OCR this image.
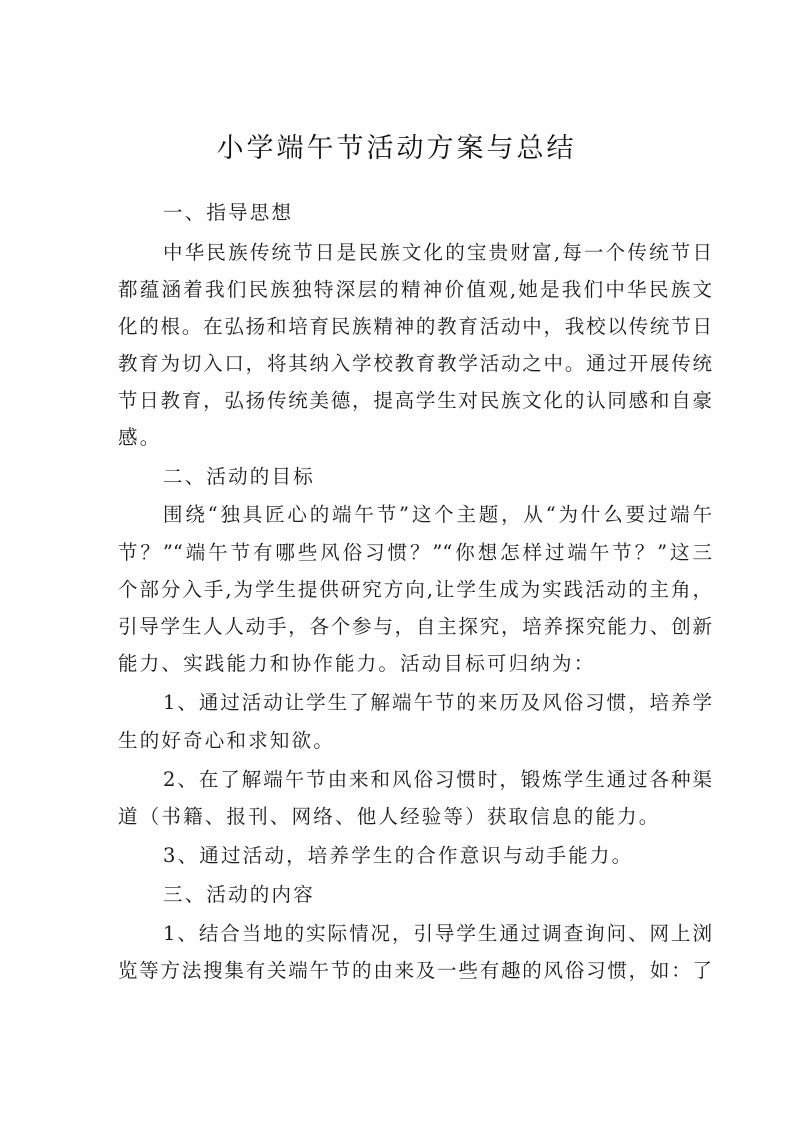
小学端午节活动方案与总结
一、指导思想
中华民族传统节日是民族文化的宝贵财富,每一个传统节日
都蕴涵着我们民族独特深层的精神价值观,她是我们中华民族文
化的根。在弘扬和培育民族精神的教育活动中，我校以传统节日
教育为切入口，将其纳入学校教育教学活动之中。通过开展传统
节日教育，弘扬传统美德，提高学生对民族文化的认同感和自豪
感。
二、活动的目标
围绕“独具匠心的端午节”这个主题，从“为什么要过端午
节？”“端午节有哪些风俗习惯？”“你想怎样过端午节？”这三
个部分入手,为学生提供研究方向,让学生成为实践活动的主角，
引导学生人人动手，各个参与，自主探究，培养探究能力、创新
能力、实践能力和协作能力。活动目标可归纳为：
1、通过活动让学生了解端午节的来历及风俗习惯，培养学
生的好奇心和求知欲。
2、在了解端午节由来和风俗习惯时，锻炼学生通过各种渠
道（书籍、报刊、网络、他人经验等）获取信息的能力。
3、通过活动，培养学生的合作意识与动手能力。
三、活动的内容
1、结合当地的实际情况，引导学生通过调查询问、网上浏
览等方法搜集有关端午节的由来及一些有趣的风俗习惯，如：了
